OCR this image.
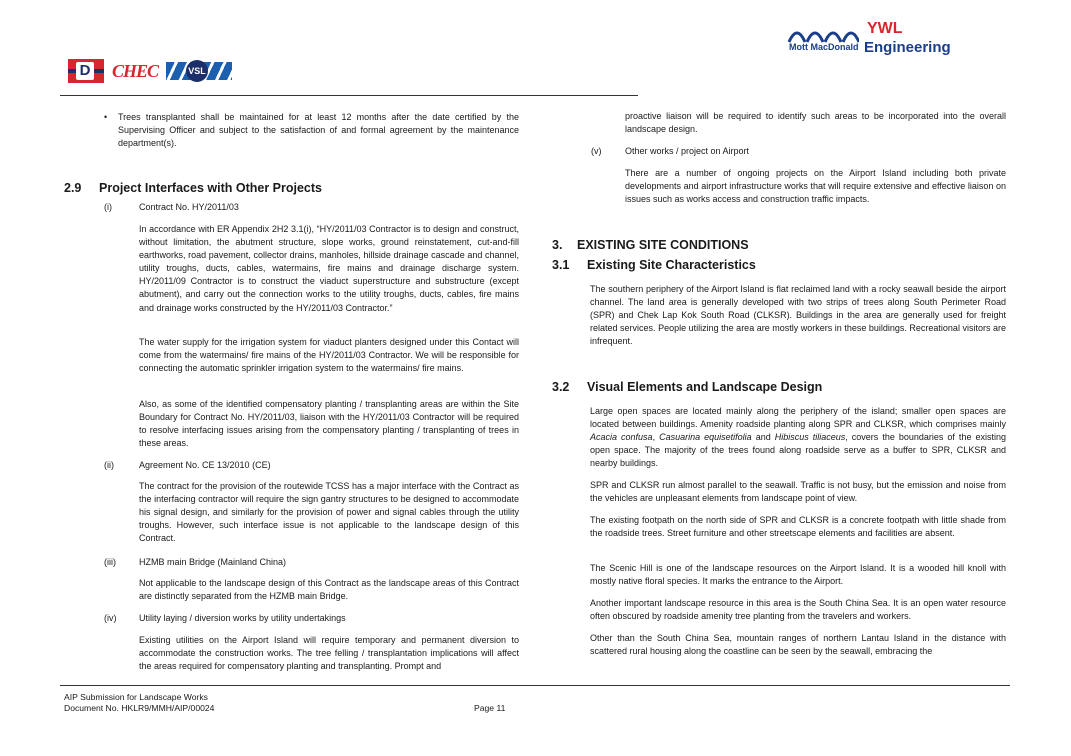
D CHEC	VSL
Mott MacDonald
YWL
Engineering
• Trees transplanted shall be maintained for at least 12 months after the date certified by the Supervising Officer and subject to the satisfaction of and formal agreement by the maintenance department(s).

2.9 Project Interfaces with Other Projects
(i)	Contract No. HY/2011/03

In accordance with ER Appendix 2H2 3.1(i), “HY/2011/03 Contractor is to design and construct, without limitation, the abutment structure, slope works, ground reinstatement, cut-and-fill earthworks, road pavement, collector drains, manholes, hillside drainage cascade and channel, utility troughs, ducts, cables, watermains, fire mains and drainage discharge system. HY/2011/09 Contractor is to construct the viaduct superstructure and substructure (except abutment), and carry out the connection works to the utility troughs, ducts, cables, fire mains and drainage works constructed by the HY/2011/03 Contractor.”

The water supply for the irrigation system for viaduct planters designed under this Contact will come from the watermains/ fire mains of the HY/2011/03 Contractor. We will be responsible for connecting the automatic sprinkler irrigation system to the watermains/ fire mains.

Also, as some of the identified compensatory planting / transplanting areas are within the Site Boundary for Contract No. HY/2011/03, liaison with the HY/2011/03 Contractor will be required to resolve interfacing issues arising from the compensatory planting / transplanting of trees in these areas.

(ii)	Agreement No. CE 13/2010 (CE)

The contract for the provision of the routewide TCSS has a major interface with the Contract as the interfacing contractor will require the sign gantry structures to be designed to accommodate his signal design, and similarly for the provision of power and signal cables through the utility troughs. However, such interface issue is not applicable to the landscape design of this Contract.

(iii)	HZMB main Bridge (Mainland China)

Not applicable to the landscape design of this Contract as the landscape areas of this Contract are distinctly separated from the HZMB main Bridge.

(iv)	Utility laying / diversion works by utility undertakings

Existing utilities on the Airport Island will require temporary and permanent diversion to accommodate the construction works. The tree felling / transplantation implications will affect the areas required for compensatory planting and transplanting. Prompt and

proactive liaison will be required to identify such areas to be incorporated into the overall landscape design.

(v)	Other works / project on Airport

There are a number of ongoing projects on the Airport Island including both private developments and airport infrastructure works that will require extensive and effective liaison on issues such as works access and construction traffic impacts.

3. EXISTING SITE CONDITIONS
3.1 Existing Site Characteristics

The southern periphery of the Airport Island is flat reclaimed land with a rocky seawall beside the airport channel. The land area is generally developed with two strips of trees along South Perimeter Road (SPR) and Chek Lap Kok South Road (CLKSR). Buildings in the area are generally used for freight related services. People utilizing the area are mostly workers in these buildings. Recreational visitors are infrequent.

3.2 Visual Elements and Landscape Design

Large open spaces are located mainly along the periphery of the island; smaller open spaces are located between buildings. Amenity roadside planting along SPR and CLKSR, which comprises mainly Acacia confusa, Casuarina equisetifolia and Hibiscus tiliaceus, covers the boundaries of the existing open space. The majority of the trees found along roadside serve as a buffer to SPR, CLKSR and nearby buildings.

SPR and CLKSR run almost parallel to the seawall. Traffic is not busy, but the emission and noise from the vehicles are unpleasant elements from landscape point of view.

The existing footpath on the north side of SPR and CLKSR is a concrete footpath with little shade from the roadside trees. Street furniture and other streetscape elements and facilities are absent.

The Scenic Hill is one of the landscape resources on the Airport Island. It is a wooded hill knoll with mostly native floral species. It marks the entrance to the Airport.

Another important landscape resource in this area is the South China Sea. It is an open water resource often obscured by roadside amenity tree planting from the travelers and workers.

Other than the South China Sea, mountain ranges of northern Lantau Island in the distance with scattered rural housing along the coastline can be seen by the seawall, embracing the

AIP Submission for Landscape Works
Document No. HKLR9/MMH/AIP/00024	Page 11
